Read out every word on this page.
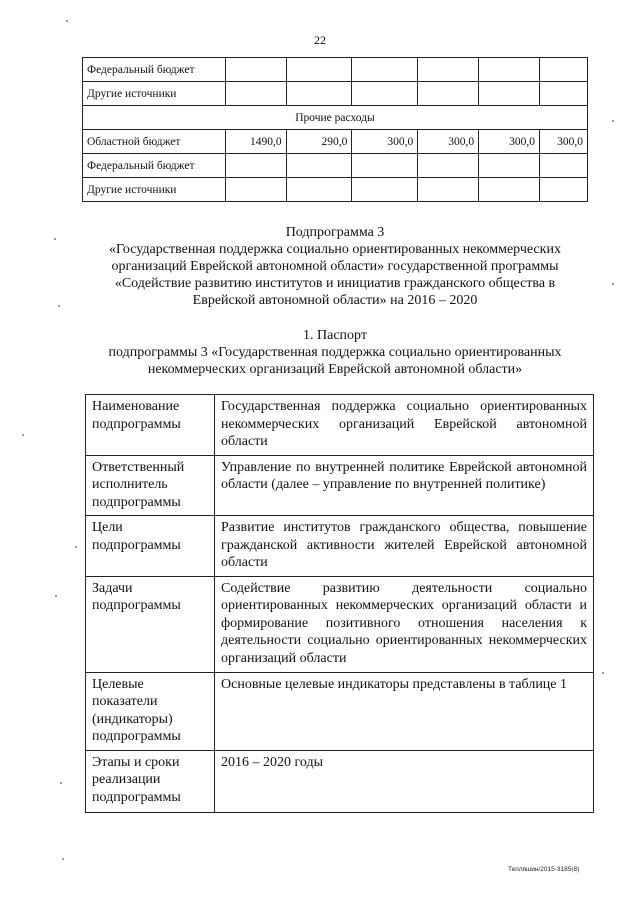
22
Федеральный бюджет						
Другие источники						
Прочие расходы						
Областной бюджет	1490,0	290,0	300,0	300,0	300,0	300,0
Федеральный бюджет						
Другие источники						
Подпрограмма 3
«Государственная поддержка социально ориентированных некоммерческих
организаций Еврейской автономной области» государственной программы
«Содействие развитию институтов и инициатив гражданского общества в
Еврейской автономной области» на 2016 – 2020
1. Паспорт
подпрограммы 3 «Государственная поддержка социально ориентированных
некоммерческих организаций Еврейской автономной области»
Наименование подпрограммы	Государственная поддержка социально ориентированных некоммерческих организаций Еврейской автономной области
Ответственный исполнитель подпрограммы	Управление по внутренней политике Еврейской автономной области (далее – управление по внутренней политике)
Цели подпрограммы	Развитие институтов гражданского общества, повышение гражданской активности жителей Еврейской автономной области
Задачи подпрограммы	Содействие развитию деятельности социально ориентированных некоммерческих организаций области и формирование позитивного отношения населения к деятельности социально ориентированных некоммерческих организаций области
Целевые показатели (индикаторы) подпрограммы	Основные целевые индикаторы представлены в таблице 1
Этапы и сроки реализации подпрограммы	2016 – 2020 годы
Тепляшин/2015-3185(8)
